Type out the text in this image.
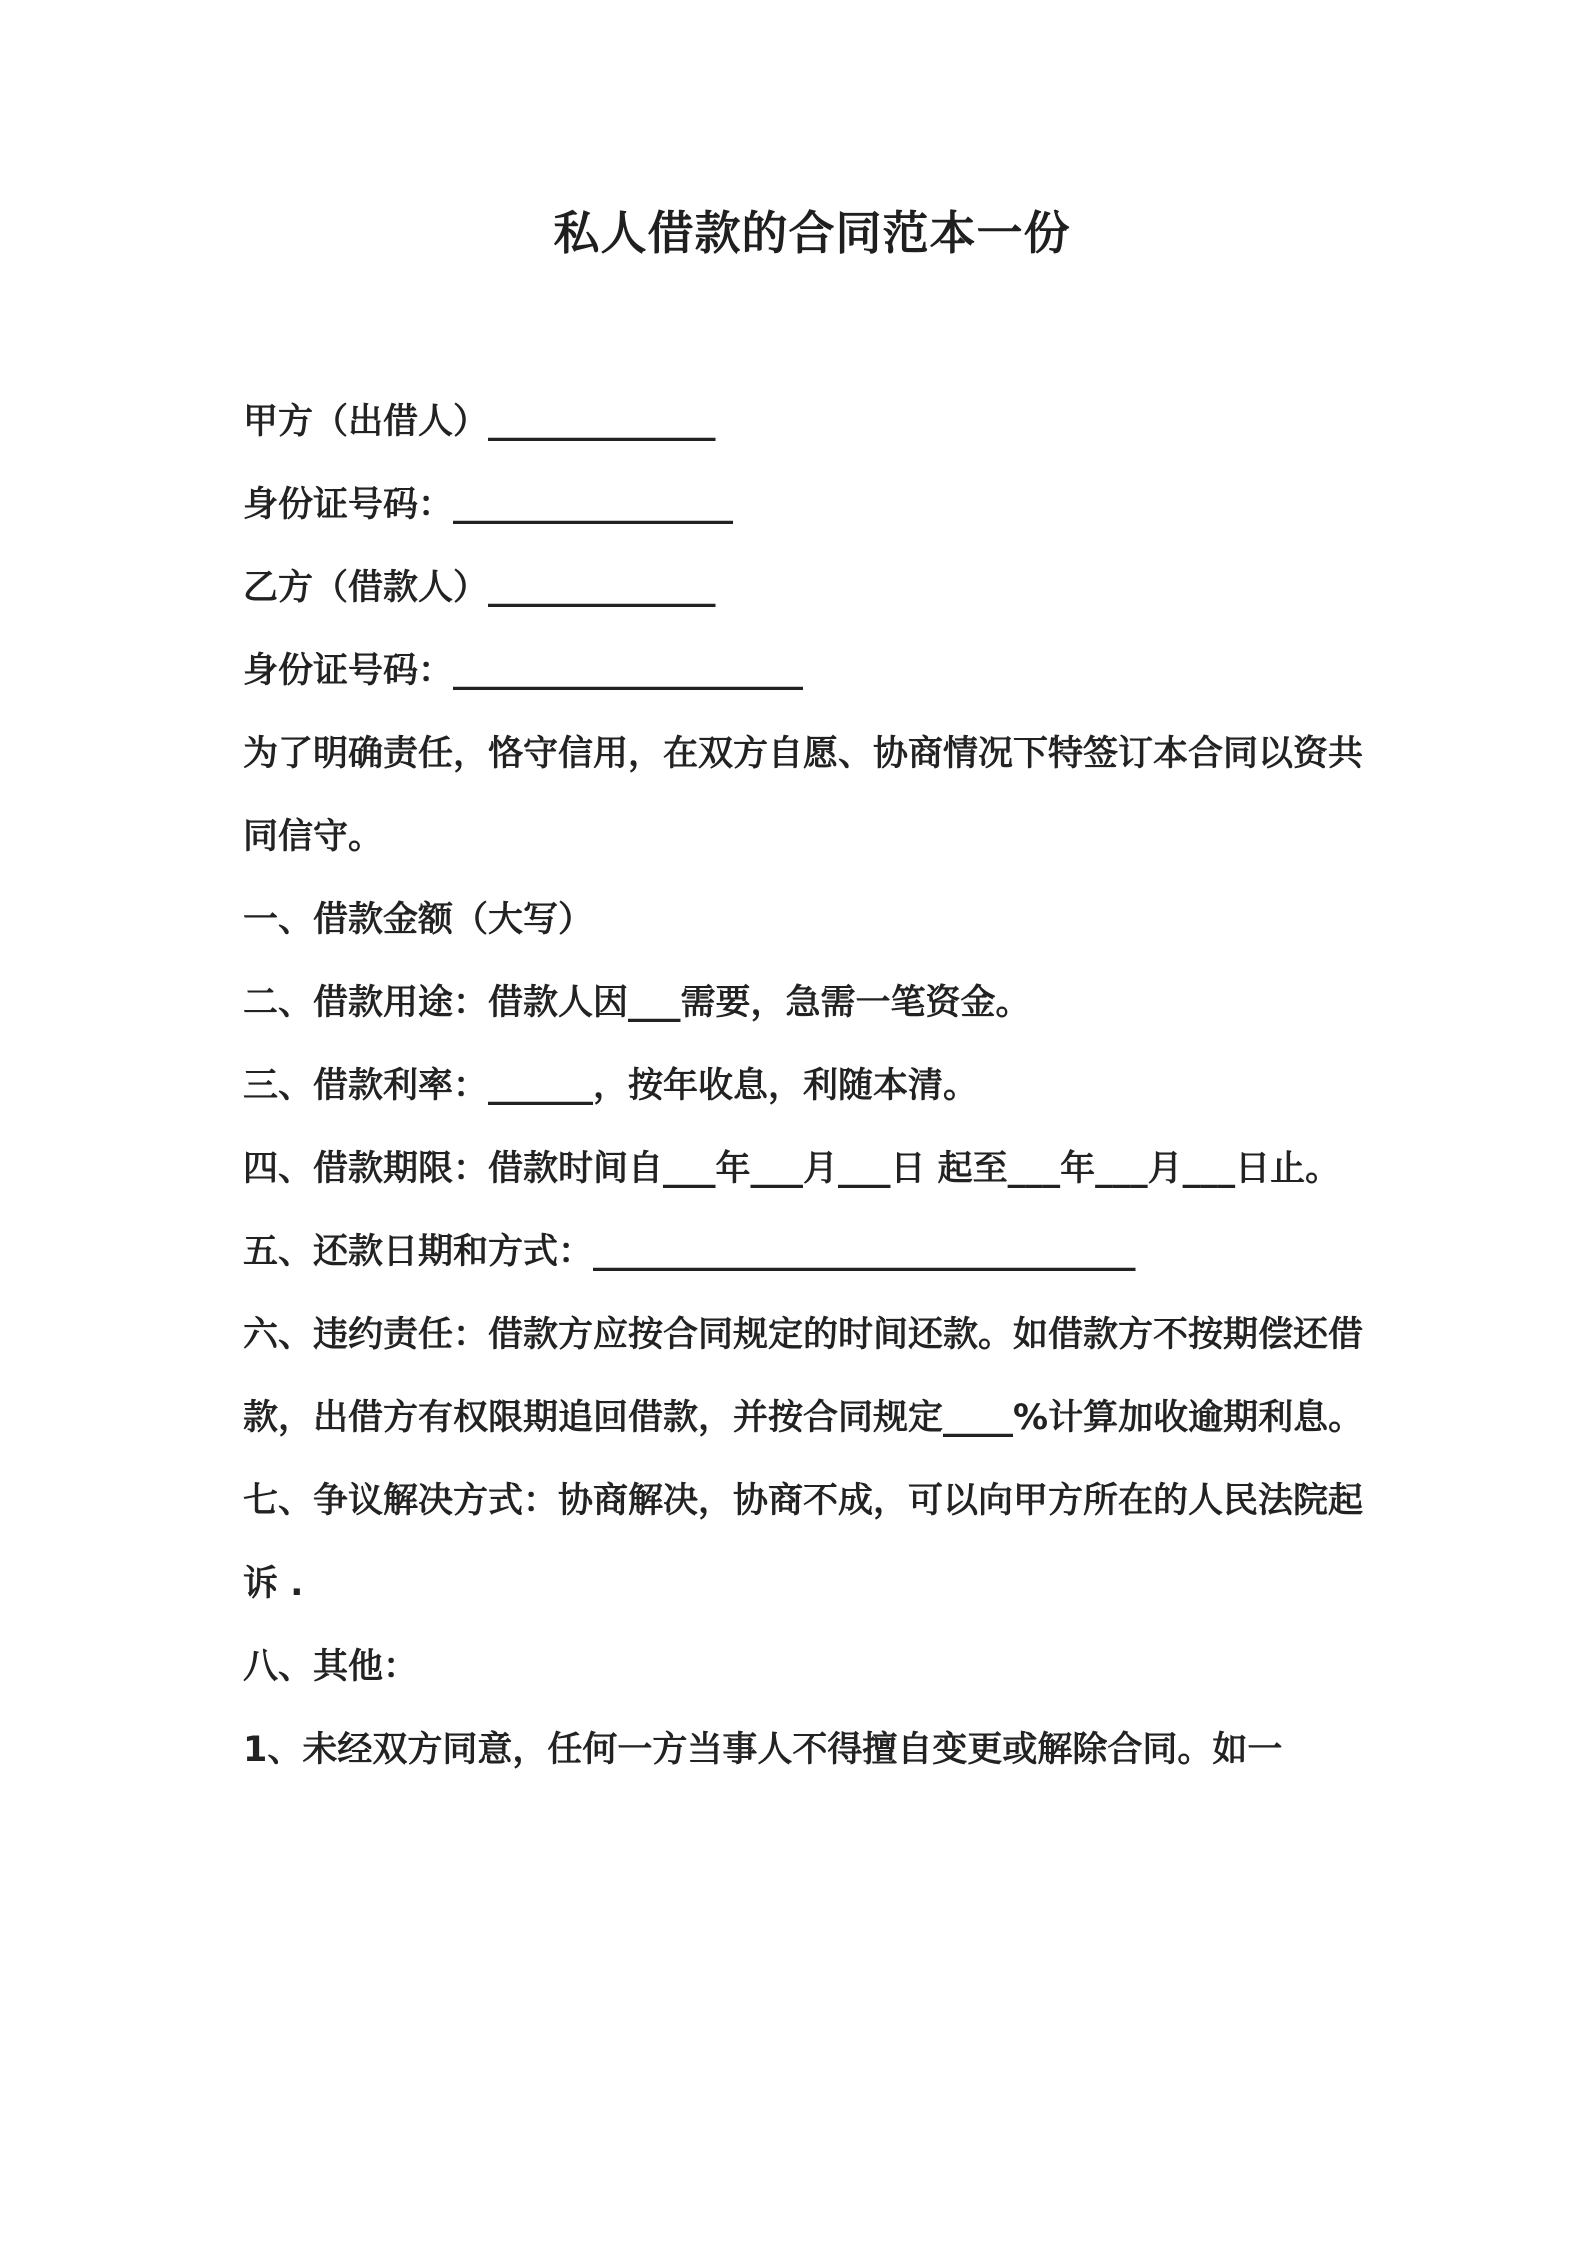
私人借款的合同范本一份

甲方（出借人）_____________

身份证号码：________________

乙方（借款人）_____________

身份证号码：____________________

为了明确责任，恪守信用，在双方自愿、协商情况下特签订本合同以资共同信守。

一、借款金额（大写）

二、借款用途：借款人因___需要，急需一笔资金。

三、借款利率：______，按年收息，利随本清。

四、借款期限：借款时间自___年___月___日 起至___年___月___日止。

五、还款日期和方式：_______________________________

六、违约责任：借款方应按合同规定的时间还款。如借款方不按期偿还借款，出借方有权限期追回借款，并按合同规定____%计算加收逾期利息。

七、争议解决方式：协商解决，协商不成，可以向甲方所在的人民法院起诉 .

八、其他：

1、未经双方同意，任何一方当事人不得擅自变更或解除合同。如一
